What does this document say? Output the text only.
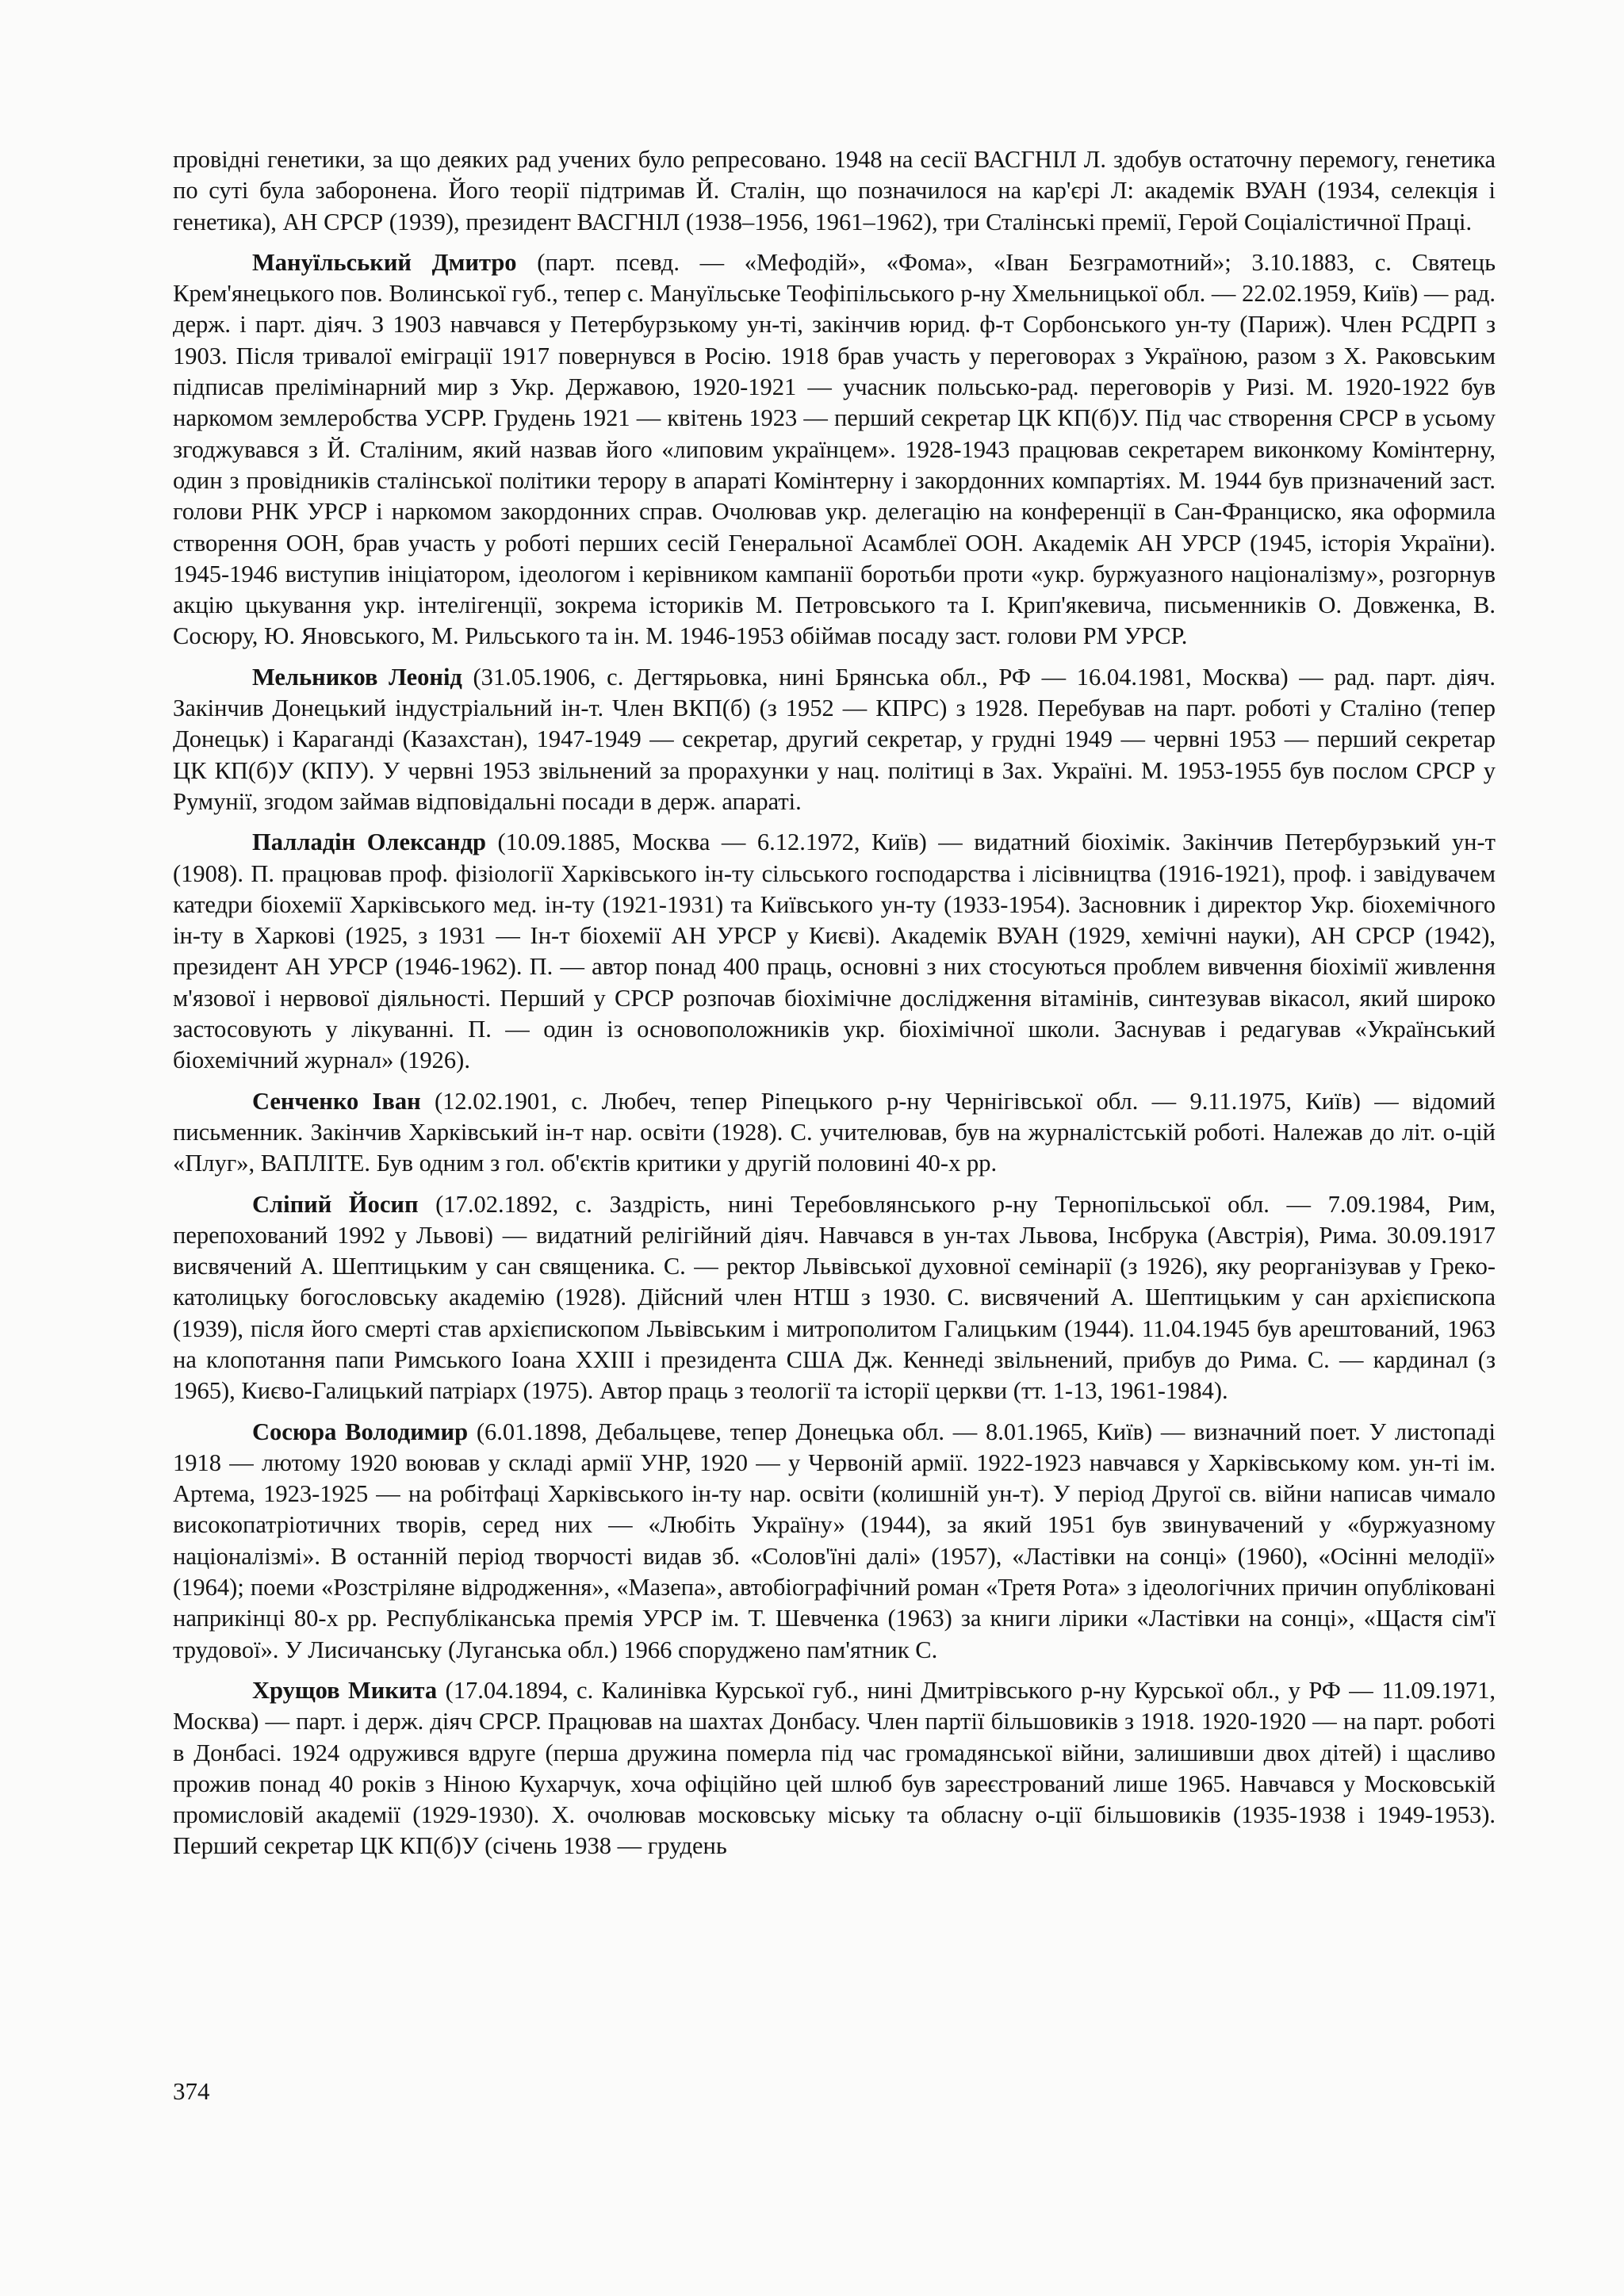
провідні генетики, за що деяких рад учених було репресовано. 1948 на сесії ВАСГНІЛ Л. здобув остаточну перемогу, генетика по суті була заборонена. Його теорії підтримав Й. Сталін, що позначилося на кар'єрі Л: академік ВУАН (1934, селекція і генетика), АН СРСР (1939), президент ВАСГНІЛ (1938–1956, 1961–1962), три Сталінські премії, Герой Соціалістичної Праці.

Мануїльський Дмитро (парт. псевд. — «Мефодій», «Фома», «Іван Безграмотний»; 3.10.1883, с. Святець Крем'янецького пов. Волинської губ., тепер с. Мануїльське Теофіпільського р-ну Хмельницької обл. — 22.02.1959, Київ) — рад. держ. і парт. діяч. З 1903 навчався у Петербурзькому ун-ті, закінчив юрид. ф-т Сорбонського ун-ту (Париж). Член РСДРП з 1903. Після тривалої еміграції 1917 повернувся в Росію. 1918 брав участь у переговорах з Україною, разом з Х. Раковським підписав прелімінарний мир з Укр. Державою, 1920-1921 — учасник польсько-рад. переговорів у Ризі. М. 1920-1922 був наркомом землеробства УСРР. Грудень 1921 — квітень 1923 — перший секретар ЦК КП(б)У. Під час створення СРСР в усьому згоджувався з Й. Сталіним, який назвав його «липовим українцем». 1928-1943 працював секретарем виконкому Комінтерну, один з провідників сталінської політики терору в апараті Комінтерну і закордонних компартіях. М. 1944 був призначений заст. голови РНК УРСР і наркомом закордонних справ. Очолював укр. делегацію на конференції в Сан-Франциско, яка оформила створення ООН, брав участь у роботі перших сесій Генеральної Асамблеї ООН. Академік АН УРСР (1945, історія України). 1945-1946 виступив ініціатором, ідеологом і керівником кампанії боротьби проти «укр. буржуазного націоналізму», розгорнув акцію цькування укр. інтелігенції, зокрема істориків М. Петровського та І. Крип'якевича, письменників О. Довженка, В. Сосюру, Ю. Яновського, М. Рильського та ін. М. 1946-1953 обіймав посаду заст. голови РМ УРСР.

Мельников Леонід (31.05.1906, с. Дегтярьовка, нині Брянська обл., РФ — 16.04.1981, Москва) — рад. парт. діяч. Закінчив Донецький індустріальний ін-т. Член ВКП(б) (з 1952 — КПРС) з 1928. Перебував на парт. роботі у Сталіно (тепер Донецьк) і Караганді (Казахстан), 1947-1949 — секретар, другий секретар, у грудні 1949 — червні 1953 — перший секретар ЦК КП(б)У (КПУ). У червні 1953 звільнений за прорахунки у нац. політиці в Зах. Україні. М. 1953-1955 був послом СРСР у Румунії, згодом займав відповідальні посади в держ. апараті.

Палладін Олександр (10.09.1885, Москва — 6.12.1972, Київ) — видатний біохімік. Закінчив Петербурзький ун-т (1908). П. працював проф. фізіології Харківського ін-ту сільського господарства і лісівництва (1916-1921), проф. і завідувачем катедри біохемії Харківського мед. ін-ту (1921-1931) та Київського ун-ту (1933-1954). Засновник і директор Укр. біохемічного ін-ту в Харкові (1925, з 1931 — Ін-т біохемії АН УРСР у Києві). Академік ВУАН (1929, хемічні науки), АН СРСР (1942), президент АН УРСР (1946-1962). П. — автор понад 400 праць, основні з них стосуються проблем вивчення біохімії живлення м'язової і нервової діяльності. Перший у СРСР розпочав біохімічне дослідження вітамінів, синтезував вікасол, який широко застосовують у лікуванні. П. — один із основоположників укр. біохімічної школи. Заснував і редагував «Український біохемічний журнал» (1926).

Сенченко Іван (12.02.1901, с. Любеч, тепер Ріпецького р-ну Чернігівської обл. — 9.11.1975, Київ) — відомий письменник. Закінчив Харківський ін-т нар. освіти (1928). С. учителював, був на журналістській роботі. Належав до літ. о-цій «Плуг», ВАПЛІТЕ. Був одним з гол. об'єктів критики у другій половині 40-х рр.

Сліпий Йосип (17.02.1892, с. Заздрість, нині Теребовлянського р-ну Тернопільської обл. — 7.09.1984, Рим, перепохований 1992 у Львові) — видатний релігійний діяч. Навчався в ун-тах Львова, Інсбрука (Австрія), Рима. 30.09.1917 висвячений А. Шептицьким у сан священика. С. — ректор Львівської духовної семінарії (з 1926), яку реорганізував у Греко-католицьку богословську академію (1928). Дійсний член НТШ з 1930. С. висвячений А. Шептицьким у сан архієпископа (1939), після його смерті став архієпископом Львівським і митрополитом Галицьким (1944). 11.04.1945 був арештований, 1963 на клопотання папи Римського Іоана XXIII і президента США Дж. Кеннеді звільнений, прибув до Рима. С. — кардинал (з 1965), Києво-Галицький патріарх (1975). Автор праць з теології та історії церкви (тт. 1-13, 1961-1984).

Сосюра Володимир (6.01.1898, Дебальцеве, тепер Донецька обл. — 8.01.1965, Київ) — визначний поет. У листопаді 1918 — лютому 1920 воював у складі армії УНР, 1920 — у Червоній армії. 1922-1923 навчався у Харківському ком. ун-ті ім. Артема, 1923-1925 — на робітфаці Харківського ін-ту нар. освіти (колишній ун-т). У період Другої св. війни написав чимало високопатріотичних творів, серед них — «Любіть Україну» (1944), за який 1951 був звинувачений у «буржуазному націоналізмі». В останній період творчості видав зб. «Солов'їні далі» (1957), «Ластівки на сонці» (1960), «Осінні мелодії» (1964); поеми «Розстріляне відродження», «Мазепа», автобіографічний роман «Третя Рота» з ідеологічних причин опубліковані наприкінці 80-х рр. Республіканська премія УРСР ім. Т. Шевченка (1963) за книги лірики «Ластівки на сонці», «Щастя сім'ї трудової». У Лисичанську (Луганська обл.) 1966 споруджено пам'ятник С.

Хрущов Микита (17.04.1894, с. Калинівка Курської губ., нині Дмитрівського р-ну Курської обл., у РФ — 11.09.1971, Москва) — парт. і держ. діяч СРСР. Працював на шахтах Донбасу. Член партії більшовиків з 1918. 1920-1920 — на парт. роботі в Донбасі. 1924 одружився вдруге (перша дружина померла під час громадянської війни, залишивши двох дітей) і щасливо прожив понад 40 років з Ніною Кухарчук, хоча офіційно цей шлюб був зареєстрований лише 1965. Навчався у Московській промисловій академії (1929-1930). Х. очолював московську міську та обласну о-ції більшовиків (1935-1938 і 1949-1953). Перший секретар ЦК КП(б)У (січень 1938 — грудень

374
